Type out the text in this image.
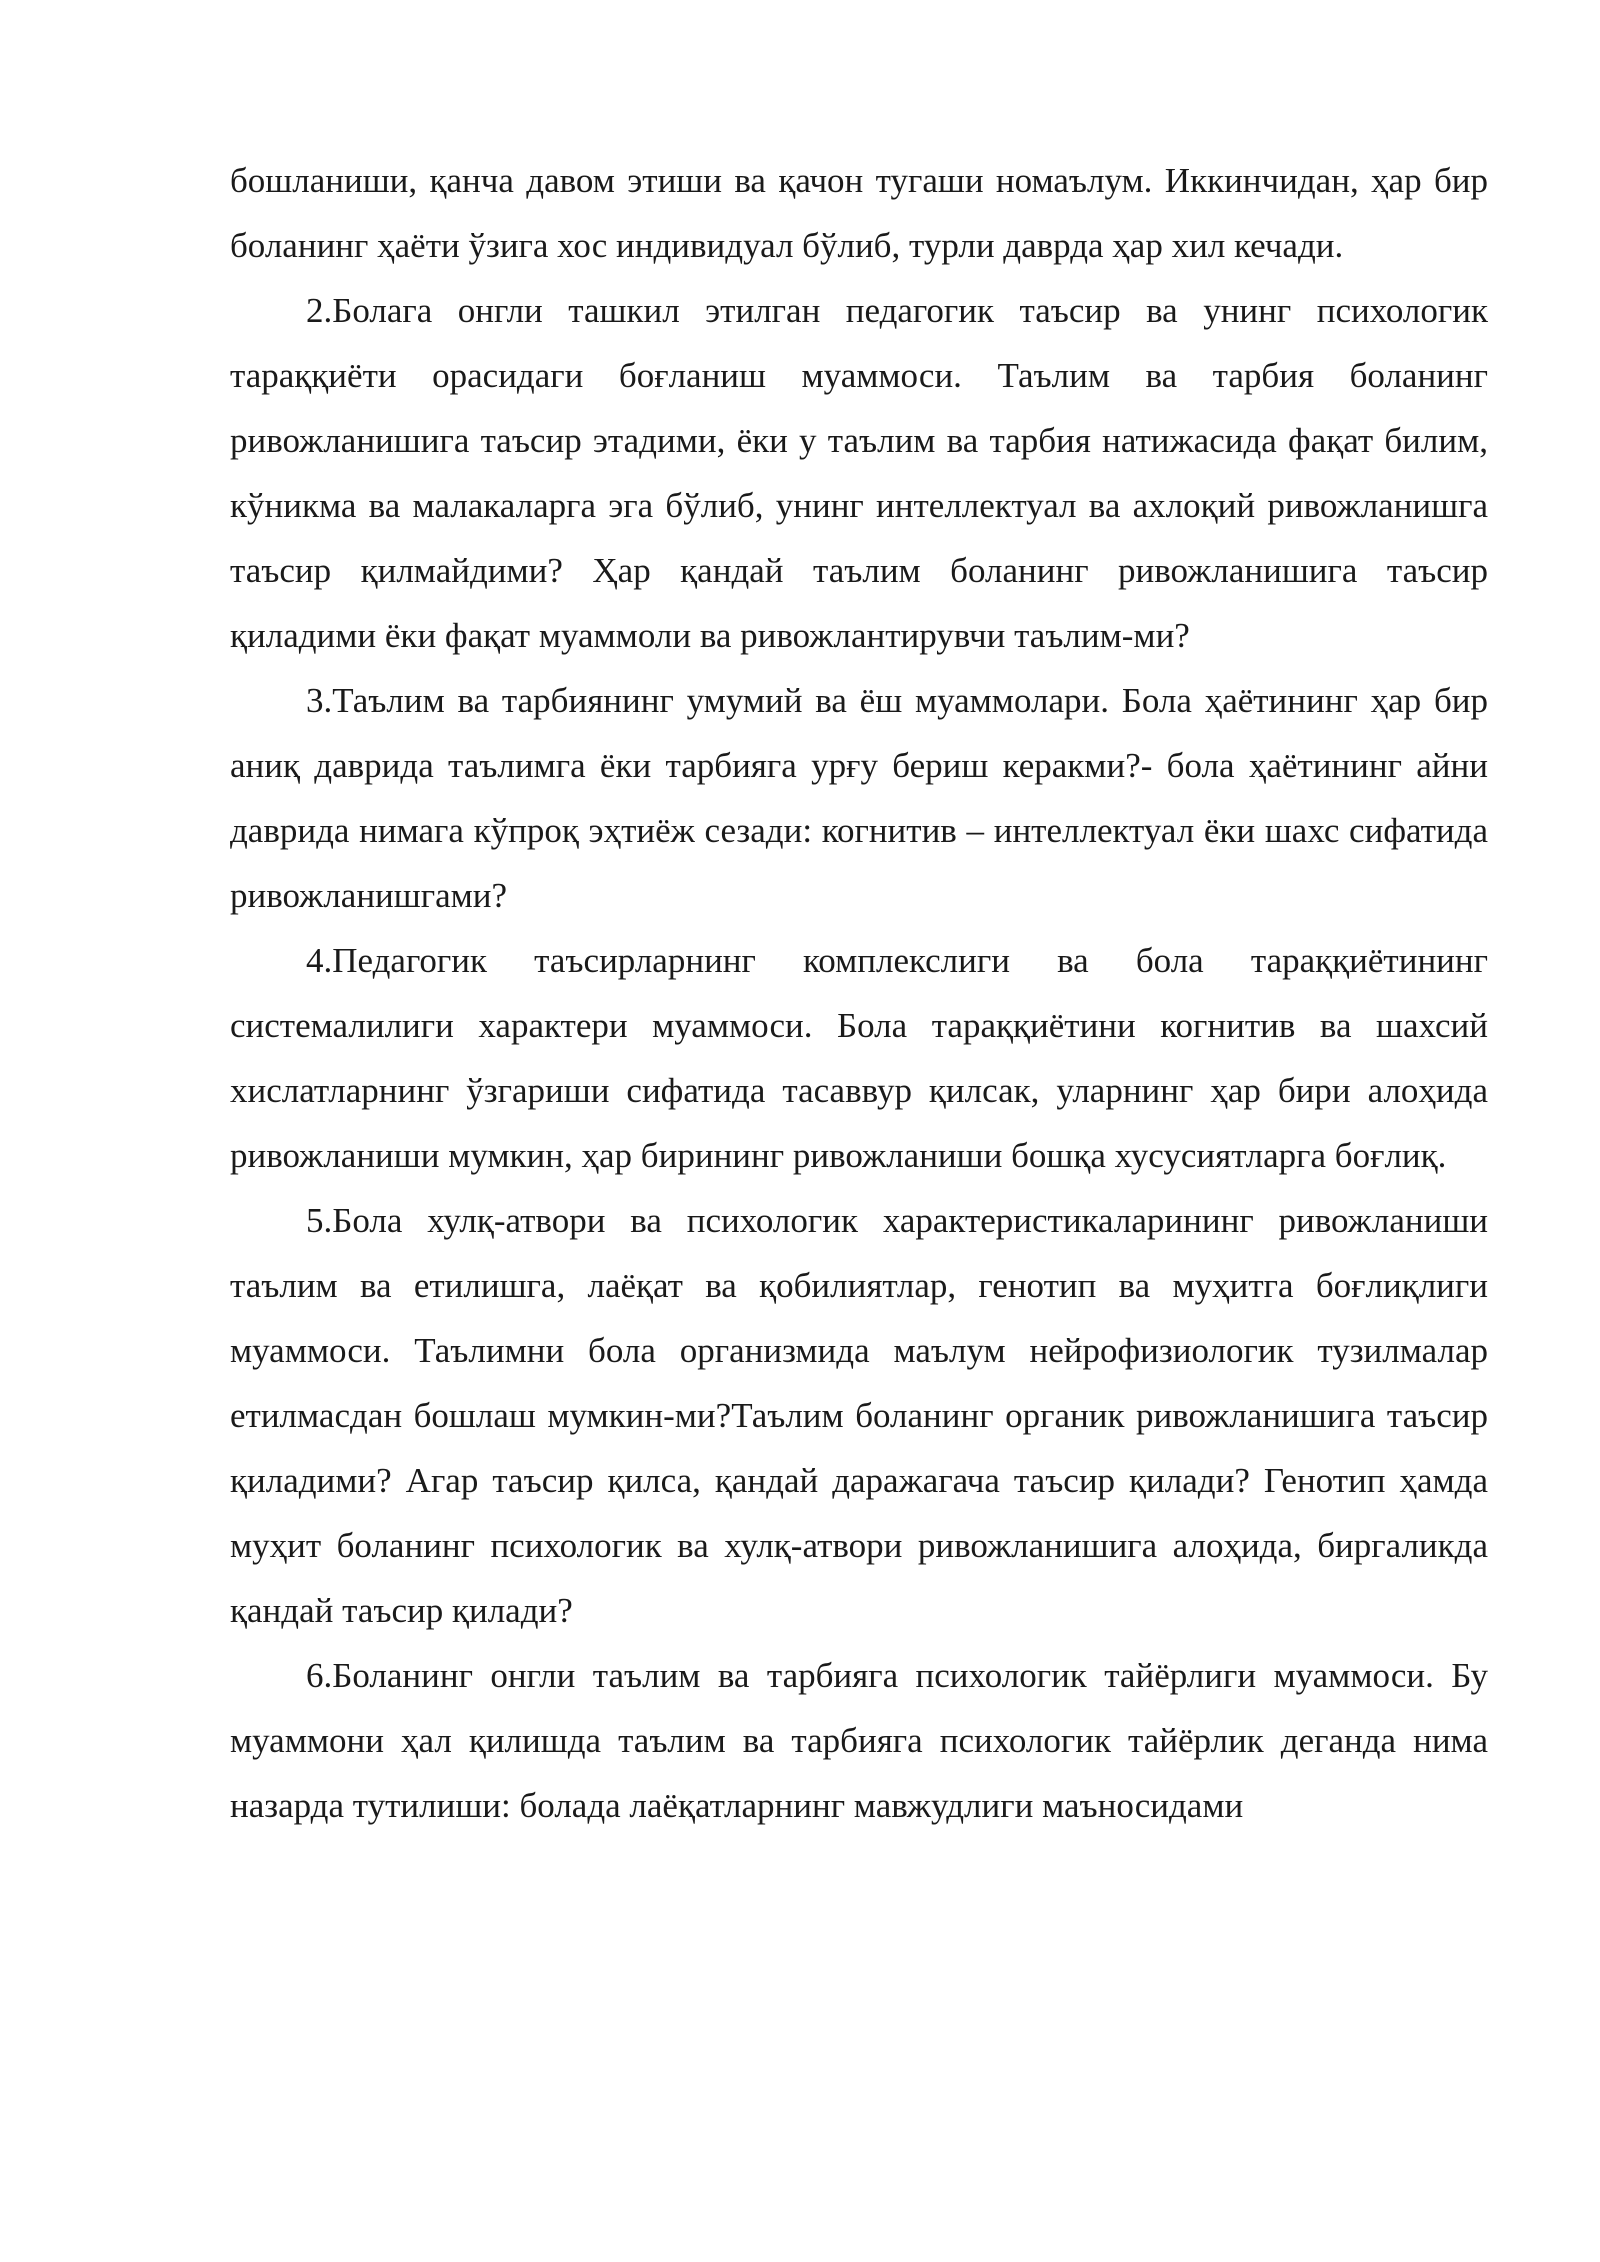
бошланиши, қанча давом этиши ва қачон тугаши номаълум. Иккинчидан, ҳар бир боланинг ҳаёти ўзига хос индивидуал бўлиб, турли даврда ҳар хил кечади.

2.Болага онгли ташкил этилган педагогик таъсир ва унинг психологик тараққиёти орасидаги боғланиш муаммоси. Таълим ва тарбия боланинг ривожланишига таъсир этадими, ёки у таълим ва тарбия натижасида фақат билим, кўникма ва малакаларга эга бўлиб, унинг интеллектуал ва ахлоқий ривожланишга таъсир қилмайдими? Ҳар қандай таълим боланинг ривожланишига таъсир қиладими ёки фақат муаммоли ва ривожлантирувчи таълим-ми?

3.Таълим ва тарбиянинг умумий ва ёш муаммолари. Бола ҳаётининг ҳар бир аниқ даврида таълимга ёки тарбияга урғу бериш керакми?- бола ҳаётининг айни даврида нимага кўпроқ эҳтиёж сезади: когнитив – интеллектуал ёки шахс сифатида ривожланишгами?

4.Педагогик таъсирларнинг комплекслиги ва бола тараққиётининг системалилиги характери муаммоси. Бола тараққиётини когнитив ва шахсий хислатларнинг ўзгариши сифатида тасаввур қилсак, уларнинг ҳар бири алоҳида ривожланиши мумкин, ҳар бирининг ривожланиши бошқа хусусиятларга боғлиқ.

5.Бола хулқ-атвори ва психологик характеристикаларининг ривожланиши таълим ва етилишга, лаёқат ва қобилиятлар, генотип ва муҳитга боғлиқлиги муаммоси. Таълимни бола организмида маълум нейрофизиологик тузилмалар етилмасдан бошлаш мумкин-ми?Таълим боланинг органик ривожланишига таъсир қиладими? Агар таъсир қилса, қандай даражагача таъсир қилади? Генотип ҳамда муҳит боланинг психологик ва хулқ-атвори ривожланишига алоҳида, биргаликда қандай таъсир қилади?

6.Боланинг онгли таълим ва тарбияга психологик тайёрлиги муаммоси. Бу муаммони ҳал қилишда таълим ва тарбияга психологик тайёрлик деганда нима назарда тутилиши: болада лаёқатларнинг мавжудлиги маъносидами
